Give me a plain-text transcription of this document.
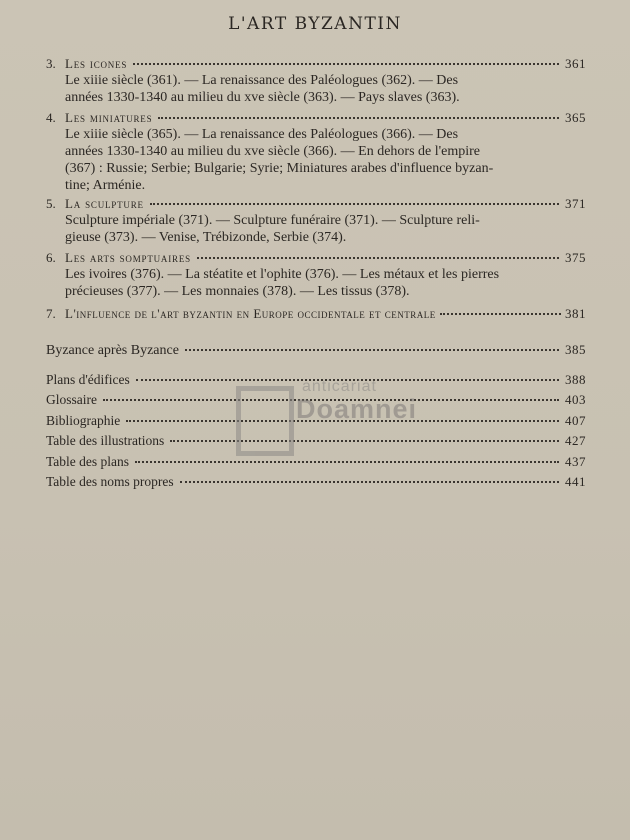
L'ART BYZANTIN
3. Les icones	361
Le xiiie siècle (361). — La renaissance des Paléologues (362). — Des
années 1330-1340 au milieu du xve siècle (363). — Pays slaves (363).
4. Les miniatures	365
Le xiiie siècle (365). — La renaissance des Paléologues (366). — Des
années 1330-1340 au milieu du xve siècle (366). — En dehors de l'empire
(367) : Russie; Serbie; Bulgarie; Syrie; Miniatures arabes d'influence byzan-
tine; Arménie.
5. La sculpture	371
Sculpture impériale (371). — Sculpture funéraire (371). — Sculpture reli-
gieuse (373). — Venise, Trébizonde, Serbie (374).
6. Les arts somptuaires	375
Les ivoires (376). — La stéatite et l'ophite (376). — Les métaux et les pierres
précieuses (377). — Les monnaies (378). — Les tissus (378).
7. L'influence de l'art byzantin en Europe occidentale et centrale	381
Byzance après Byzance	385
Plans d'édifices	388
Glossaire	403
Bibliographie	407
Table des illustrations	427
Table des plans	437
Table des noms propres	441
anticariat
Doamnei
